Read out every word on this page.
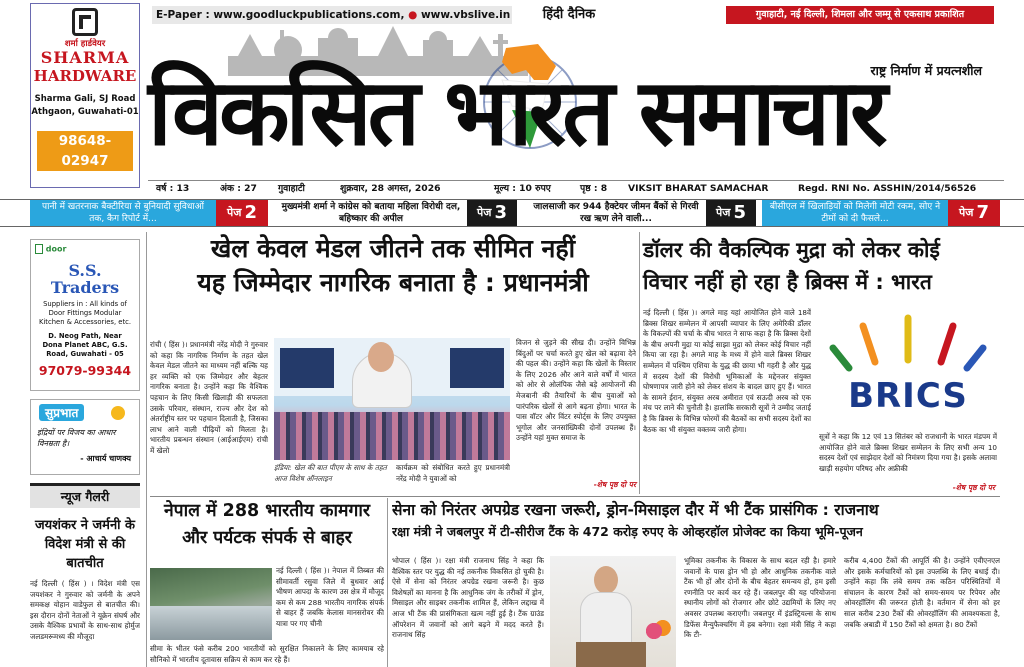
E-Paper : www.goodluckpublications.com, ● www.vbslive.in	हिंदी दैनिक	गुवाहाटी, नई दिल्ली, शिमला और जम्मू से एकसाथ प्रकाशित
शर्मा हार्डवेयर
SHARMA
HARDWARE
Sharma Gali, SJ Road
Athgaon, Guwahati-01
98648-02947
राष्ट्र निर्माण में प्रयत्नशील
विकसित भारत समाचार
वर्ष : 13	अंक : 27 गुवाहाटी	शुक्रवार, 28 अगस्त, 2026	मूल्य : 10 रुपए	पृष्ठ : 8 VIKSIT BHARAT SAMACHAR	Regd. RNI No. ASSHIN/2014/56526
पानी में खतरनाक बैक्टीरिया से बुनियादी सुविधाओं तक, कैग रिपोर्ट में...	पेज 2	मुख्यमंत्री शर्मा ने कांग्रेस को बताया महिला विरोधी दल, बहिष्कार की अपील	पेज 3	जालसाजी कर 944 हैक्टेयर जीमन बैंकों से गिरवी रख ऋण लेने वाली...	पेज 5	बीसीएल में खिलाड़ियों को मिलेगी मोटी रकम, सोए ने टीमों को दी फैसले...	पेज 7
door
S.S.
Traders
Suppliers in : All kinds of Door Fittings Modular Kitchen & Accessories, etc.
D. Neog Path, Near Dona Planet ABC, G.S. Road, Guwahati - 05
97079-99344
सुप्रभात
इंद्रियों पर विजय का आधार विनम्रता है।
- आचार्य चाणक्य
न्यूज गैलरी
जयशंकर ने जर्मनी के विदेश मंत्री से की बातचीत
नई दिल्ली ( हिंस ) । विदेश मंत्री एस जयशंकर ने गुरुवार को जर्मनी के अपने समकक्ष योहान वाडेफुल से बातचीत की। इस दौरान दोनों नेताओं ने यूक्रेन संघर्ष और उसके वैश्विक प्रभावों के साथ-साथ होर्मुज जलडमरूमध्य की मौजूदा
खेल केवल मेडल जीतने तक सीमित नहीं
यह जिम्मेदार नागरिक बनाता है : प्रधानमंत्री
रांची ( हिंस )। प्रधानमंत्री नरेंद्र मोदी ने गुरुवार को कहा कि नागरिक निर्माण के तहत खेल केवल मेडल जीतने का माध्यम नहीं बल्कि यह हर व्यक्ति को एक जिम्मेदार और बेहतर नागरिक बनाता है। उन्होंने कहा कि वैश्विक पहचान के लिए किसी खिलाड़ी की सफलता उसके परिवार, संस्थान, राज्य और देश को अंतर्राष्ट्रीय स्तर पर पहचान दिलाती है, जिसका लाभ आने वाली पीढ़ियों को मिलता है। भारतीय प्रबन्धन संस्थान (आईआईएम) रांची में खेलो
इंडिया: खेल की बात पीएम के साथ के तहत आज विशेष ऑनलाइन
कार्यक्रम को संबोधित करते हुए प्रधानमंत्री नरेंद्र मोदी ने युवाओं को
विजन से जुड़ने की सीख दी। उन्होंने विभिन्न बिंदुओं पर चर्चा करते हुए खेल को बढ़ावा देने की पहल की। उन्होंने कहा कि खेलों के विस्तार के लिए 2026 और आने वाले वर्षों में भारत को ओर से ओलंपिक जैसे बड़े आयोजनों की मेजबानी की तैयारियों के बीच युवाओं को पारंपरिक खेलों से आगे बढ़ना होगा। भारत के पास वॉटर और विंटर स्पोर्ट्स के लिए उपयुक्त भूगोल और जनसांख्यिकी दोनों उपलब्ध हैं। उन्होंने यहां मुक्त समाज के
-शेष पृष्ठ दो पर
डॉलर की वैकल्पिक मुद्रा को लेकर कोई
विचार नहीं हो रहा है ब्रिक्स में : भारत
नई दिल्ली ( हिंस )। अगले माह यहां आयोजित होने वाले 18वें ब्रिक्स शिखर सम्मेलन में आपसी व्यापार के लिए अमेरिकी डॉलर के विकल्पों की चर्चा के बीच भारत ने साफ कहा है कि ब्रिक्स देशों के बीच अपनी मुद्रा या कोई साझा मुद्रा को लेकर कोई विचार नहीं किया जा रहा है। अगले माह के मध्य में होने वाले ब्रिक्स शिखर सम्मेलन में पश्चिम एशिया के युद्ध की छाया भी गहरी है और युद्ध में सदस्य देशों की विरोधी भूमिकाओं के मद्देनजर संयुक्त घोषणापत्र जारी होने को लेकर संशय के बादल छाए हुए हैं। भारत के सामने ईरान, संयुक्त अरब अमीरात एवं सऊदी अरब को एक मंच पर लाने की चुनौती है। हालांकि सरकारी सूत्रों ने उम्मीद जताई है कि ब्रिक्स के विभिन्न फोरमों की बैठकों का सभी सदस्य देशों का बैठक का भी संयुक्त वक्तव्य जारी होगा।
BRICS
सूत्रों ने कहा कि 12 एवं 13 सितंबर को राजधानी के भारत मंडपम में आयोजित होने वाले ब्रिक्स शिखर सम्मेलन के लिए सभी अन्य 10 सदस्य देशों एवं साझेदार देशों को निमंत्रण दिया गया है। इसके अलावा खाड़ी सहयोग परिषद और अफ्रीकी
-शेष पृष्ठ दो पर
नेपाल में 288 भारतीय कामगार
और पर्यटक संपर्क से बाहर
नई दिल्ली ( हिंस )। नेपाल में तिब्बत की सीमावर्ती रसुवा जिले में बुधवार आई भीषण आपदा के कारण उस क्षेत्र में मौजूद कम से कम 288 भारतीय नागरिक संपर्क से बाहर हैं जबकि केलास मानसरोवर की यात्रा पर गए चीनी
सीमा के भीतर फंसे करीब 200 भारतीयों को सुरक्षित निकालने के लिए कामयाब रहे सौनिको में भारतीय दूतावास सक्रिय से काम कर रहे हैं।
सेना को निरंतर अपग्रेड रखना जरूरी, ड्रोन-मिसाइल दौर में भी टैंक प्रासंगिक : राजनाथ
रक्षा मंत्री ने जबलपुर में टी-सीरीज टैंक के 472 करोड़ रुपए के ओव्हरहॉल प्रोजेक्ट का किया भूमि-पूजन
भोपाल ( हिंस )। रक्षा मंत्री राजनाथ सिंह ने कहा कि वैश्विक स्तर पर युद्ध की नई तकनीक विकसित हो चुकी है। ऐसे में सेना को निरंतर अपग्रेड रखना जरूरी है। कुछ विशेषज्ञों का मानना है कि आधुनिक जंग के तरीकों में ड्रोन, मिसाइल और साइबर तकनीक शामिल हैं, लेकिन लद्दाख में आज भी टैंक की प्रासंगिकता खत्म नहीं हुई है। टैंक ग्राउंड ऑपरेशन में जवानों को आगे बढ़ने में मदद करते हैं। राजनाथ सिंह
भूमिका तकनीक के विकास के साथ बदल रही है। हमारे जवानों के पास ड्रोन भी हो और आधुनिक तकनीक वाले टैंक भी हों और दोनों के बीच बेहतर समन्वय हो, हम इसी रणनीति पर कार्य कर रहे हैं। जबलपुर की यह परियोजना स्थानीय लोगों को रोजगार और छोटे उद्यमियों के लिए नए अवसर उपलब्ध कराएगी। जबलपुर में इंडस्ट्रियल्स के साथ डिफेंस मैन्युफैक्चरिंग में हब बनेगा। रक्षा मंत्री सिंह ने कहा कि टी-
करीब 4,400 टैंकों की आपूर्ति की है। उन्होंने एवीएनएल और इसके कर्मचारियों को इस उपलब्धि के लिए बधाई दी। उन्होंने कहा कि लंबे समय तक कठिन परिस्थितियों में संचालन के कारण टैंकों को समय-समय पर रिपेयर और ओवरहॉलिंग की जरूरत होती है। वर्तमान में सेना को हर साल करीब 230 टैंकों की ओवरहॉलिंग की आवश्यकता है, जबकि अबाडी में 150 टैंकों को क्षमता है। 80 टैंकों
